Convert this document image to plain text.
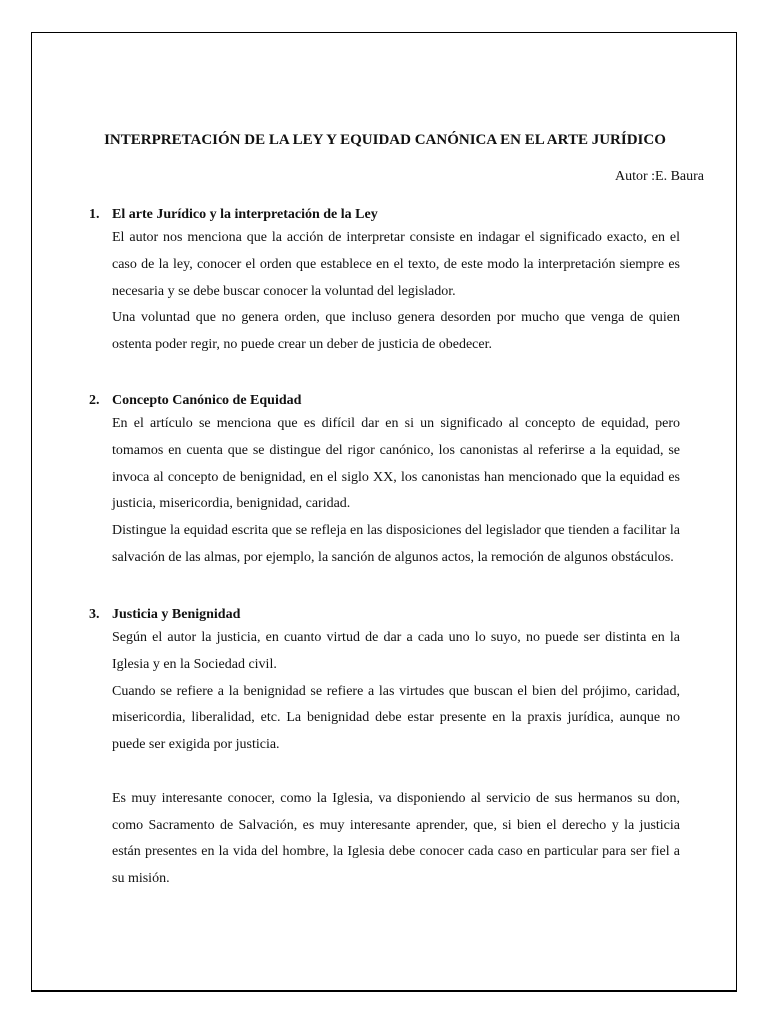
INTERPRETACIÓN DE LA LEY Y EQUIDAD CANÓNICA EN EL ARTE JURÍDICO
Autor :E. Baura
1. El arte Jurídico y la interpretación de la Ley

El autor nos menciona que la acción de interpretar consiste en indagar el significado exacto, en el caso de la ley, conocer el orden que establece en el texto, de este modo la interpretación siempre es necesaria y se debe buscar conocer la voluntad del legislador.

Una voluntad que no genera orden, que incluso genera desorden por mucho que venga de quien ostenta poder regir, no puede crear un deber de justicia de obedecer.

2. Concepto Canónico de Equidad

En el artículo se menciona que es difícil dar en si un significado al concepto de equidad, pero tomamos en cuenta que se distingue del rigor canónico, los canonistas al referirse a la equidad, se invoca al concepto de benignidad, en el siglo XX, los canonistas han mencionado que la equidad es justicia, misericordia, benignidad, caridad.

Distingue la equidad escrita que se refleja en las disposiciones del legislador que tienden a facilitar la salvación de las almas, por ejemplo, la sanción de algunos actos, la remoción de algunos obstáculos.

3. Justicia y Benignidad

Según el autor la justicia, en cuanto virtud de dar a cada uno lo suyo, no puede ser distinta en la Iglesia y en la Sociedad civil.

Cuando se refiere a la benignidad se refiere a las virtudes que buscan el bien del prójimo, caridad, misericordia, liberalidad, etc. La benignidad debe estar presente en la praxis jurídica, aunque no puede ser exigida por justicia.

Es muy interesante conocer, como la Iglesia, va disponiendo al servicio de sus hermanos su don, como Sacramento de Salvación, es muy interesante aprender, que, si bien el derecho y la justicia están presentes en la vida del hombre, la Iglesia debe conocer cada caso en particular para ser fiel a su misión.
